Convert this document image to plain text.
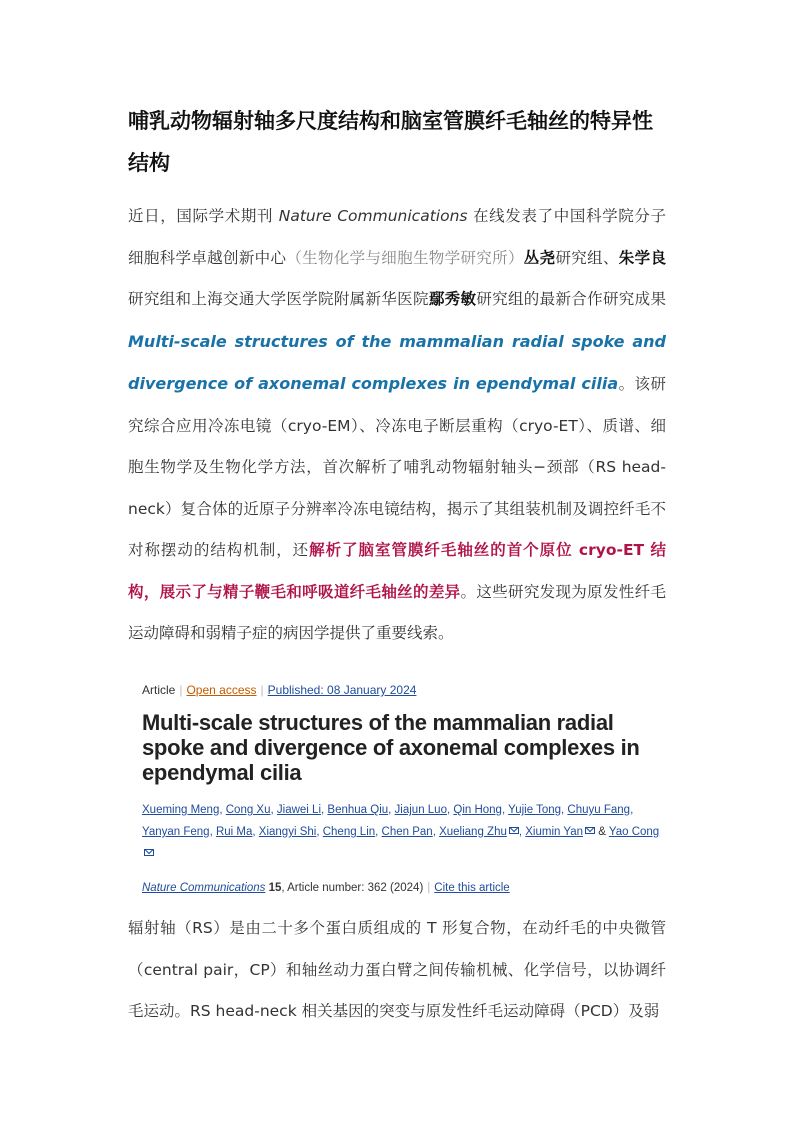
哺乳动物辐射轴多尺度结构和脑室管膜纤毛轴丝的特异性结构

近日，国际学术期刊 Nature Communications 在线发表了中国科学院分子细胞科学卓越创新中心（生物化学与细胞生物学研究所）丛尧研究组、朱学良研究组和上海交通大学医学院附属新华医院鄢秀敏研究组的最新合作研究成果 Multi-scale structures of the mammalian radial spoke and divergence of axonemal complexes in ependymal cilia。该研究综合应用冷冻电镜（cryo-EM）、冷冻电子断层重构（cryo-ET）、质谱、细胞生物学及生物化学方法，首次解析了哺乳动物辐射轴头−颈部（RS head-neck）复合体的近原子分辨率冷冻电镜结构，揭示了其组装机制及调控纤毛不对称摆动的结构机制，还解析了脑室管膜纤毛轴丝的首个原位 cryo-ET 结构，展示了与精子鞭毛和呼吸道纤毛轴丝的差异。这些研究发现为原发性纤毛运动障碍和弱精子症的病因学提供了重要线索。

Article | Open access | Published: 08 January 2024
Multi-scale structures of the mammalian radial spoke and divergence of axonemal complexes in ependymal cilia
Xueming Meng, Cong Xu, Jiawei Li, Benhua Qiu, Jiajun Luo, Qin Hong, Yujie Tong, Chuyu Fang, Yanyan Feng, Rui Ma, Xiangyi Shi, Cheng Lin, Chen Pan, Xueliang Zhu , Xiumin Yan & Yao Cong
Nature Communications 15, Article number: 362 (2024) | Cite this article

辐射轴（RS）是由二十多个蛋白质组成的 T 形复合物，在动纤毛的中央微管（central pair，CP）和轴丝动力蛋白臂之间传输机械、化学信号，以协调纤毛运动。RS head-neck 相关基因的突变与原发性纤毛运动障碍（PCD）及弱
